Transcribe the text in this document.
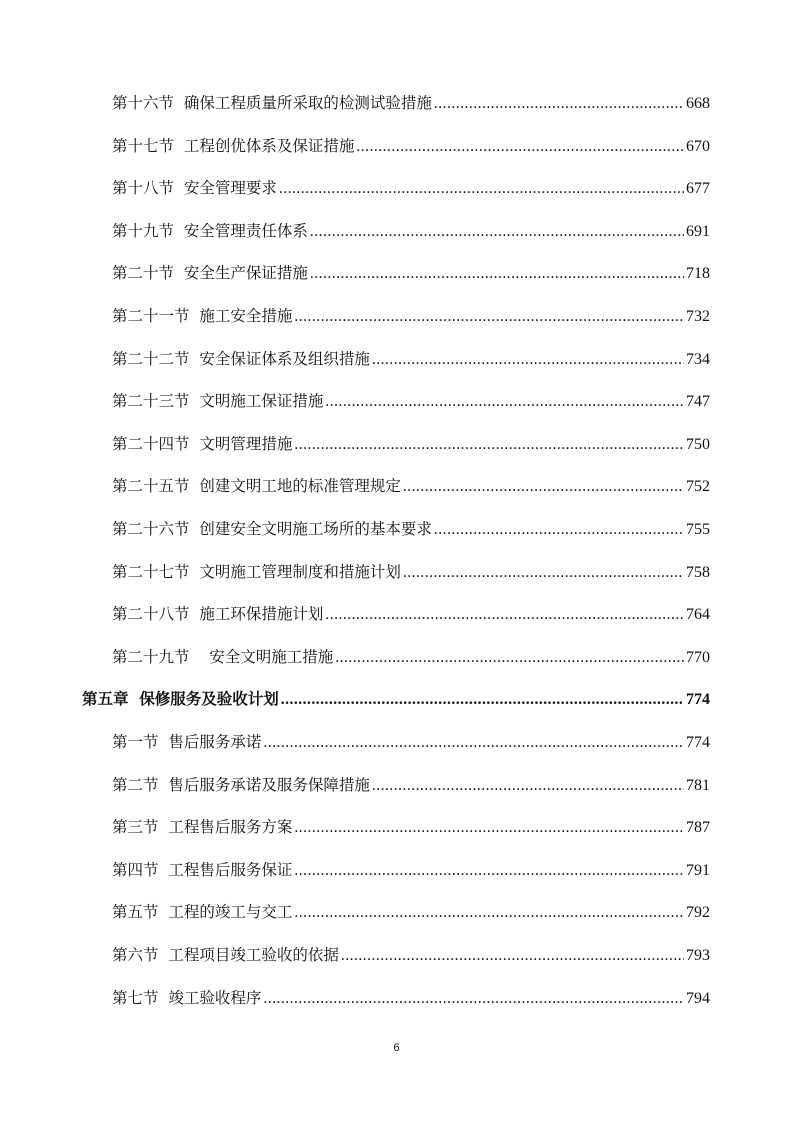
第十六节  确保工程质量所采取的检测试验措施 .....	668
第十七节  工程创优体系及保证措施 .....	670
第十八节  安全管理要求 .....	677
第十九节  安全管理责任体系 .....	691
第二十节  安全生产保证措施 .....	718
第二十一节  施工安全措施 .....	732
第二十二节  安全保证体系及组织措施 .....	734
第二十三节  文明施工保证措施 .....	747
第二十四节  文明管理措施 .....	750
第二十五节  创建文明工地的标准管理规定 .....	752
第二十六节  创建安全文明施工场所的基本要求 .....	755
第二十七节  文明施工管理制度和措施计划 .....	758
第二十八节  施工环保措施计划 .....	764
第二十九节    安全文明施工措施 .....	770
第五章  保修服务及验收计划 .....	774
第一节  售后服务承诺 .....	774
第二节  售后服务承诺及服务保障措施 .....	781
第三节  工程售后服务方案 .....	787
第四节  工程售后服务保证 .....	791
第五节  工程的竣工与交工 .....	792
第六节  工程项目竣工验收的依据 .....	793
第七节  竣工验收程序 .....	794
6
